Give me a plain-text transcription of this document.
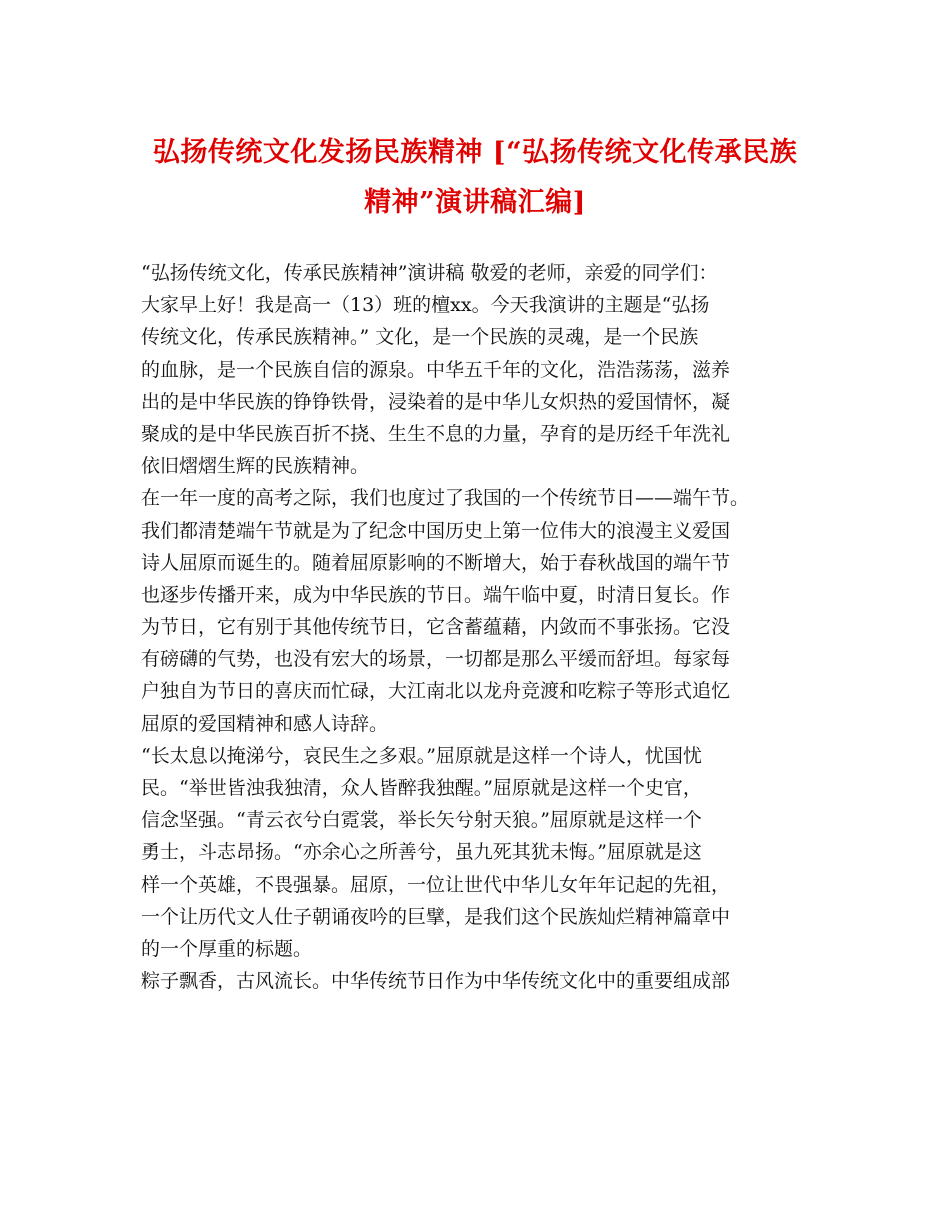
弘扬传统文化发扬民族精神 [“弘扬传统文化传承民族
精神”演讲稿汇编]
“弘扬传统文化，传承民族精神”演讲稿 敬爱的老师，亲爱的同学们：
大家早上好！我是高一（13）班的檀xx。今天我演讲的主题是“弘扬
传统文化，传承民族精神。” 文化，是一个民族的灵魂，是一个民族
的血脉，是一个民族自信的源泉。中华五千年的文化，浩浩荡荡，滋养
出的是中华民族的铮铮铁骨，浸染着的是中华儿女炽热的爱国情怀，凝
聚成的是中华民族百折不挠、生生不息的力量，孕育的是历经千年洗礼
依旧熠熠生辉的民族精神。
在一年一度的高考之际，我们也度过了我国的一个传统节日——端午节。
我们都清楚端午节就是为了纪念中国历史上第一位伟大的浪漫主义爱国
诗人屈原而诞生的。随着屈原影响的不断增大，始于春秋战国的端午节
也逐步传播开来，成为中华民族的节日。端午临中夏，时清日复长。作
为节日，它有别于其他传统节日，它含蓄蕴藉，内敛而不事张扬。它没
有磅礴的气势，也没有宏大的场景，一切都是那么平缓而舒坦。每家每
户独自为节日的喜庆而忙碌，大江南北以龙舟竞渡和吃粽子等形式追忆
屈原的爱国精神和感人诗辞。
“长太息以掩涕兮，哀民生之多艰。”屈原就是这样一个诗人，忧国忧
民。“举世皆浊我独清，众人皆醉我独醒。”屈原就是这样一个史官，
信念坚强。“青云衣兮白霓裳，举长矢兮射天狼。”屈原就是这样一个
勇士，斗志昂扬。“亦余心之所善兮，虽九死其犹未悔。”屈原就是这
样一个英雄，不畏强暴。屈原，一位让世代中华儿女年年记起的先祖，
一个让历代文人仕子朝诵夜吟的巨擘，是我们这个民族灿烂精神篇章中
的一个厚重的标题。
粽子飘香，古风流长。中华传统节日作为中华传统文化中的重要组成部
